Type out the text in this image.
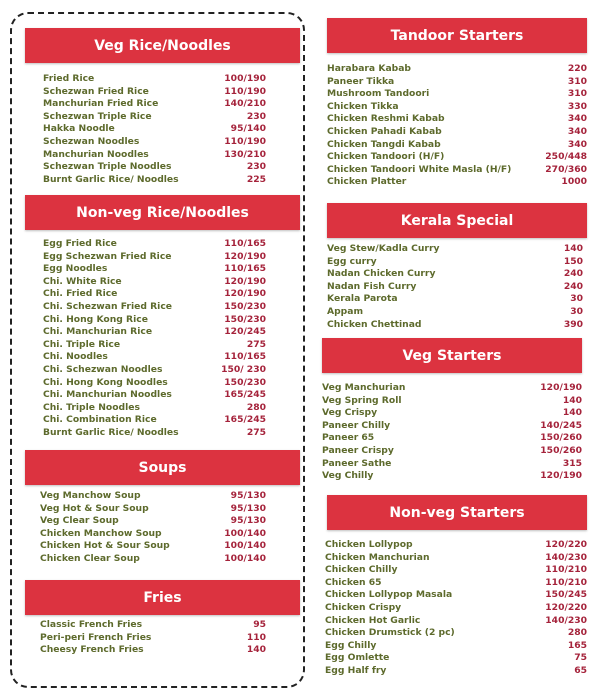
Veg Rice/Noodles
Fried Rice	100/190
Schezwan Fried Rice	110/190
Manchurian Fried Rice	140/210
Schezwan Triple Rice	230
Hakka Noodle	95/140
Schezwan Noodles	110/190
Manchurian Noodles	130/210
Schezwan Triple Noodles	230
Burnt Garlic Rice/ Noodles	225
Non-veg Rice/Noodles
Egg Fried Rice	110/165
Egg Schezwan Fried Rice	120/190
Egg Noodles	110/165
Chi. White Rice	120/190
Chi. Fried Rice	120/190
Chi. Schezwan Fried Rice	150/230
Chi. Hong Kong Rice	150/230
Chi. Manchurian Rice	120/245
Chi. Triple Rice	275
Chi. Noodles	110/165
Chi. Schezwan Noodles	150/ 230
Chi. Hong Kong Noodles	150/230
Chi. Manchurian Noodles	165/245
Chi. Triple Noodles	280
Chi. Combination Rice	165/245
Burnt Garlic Rice/ Noodles	275
Soups
Veg Manchow Soup	95/130
Veg Hot & Sour Soup	95/130
Veg Clear Soup	95/130
Chicken Manchow Soup	100/140
Chicken Hot & Sour Soup	100/140
Chicken Clear Soup	100/140
Fries
Classic French Fries	95
Peri-peri French Fries	110
Cheesy French Fries	140
Tandoor Starters
Harabara Kabab	220
Paneer Tikka	310
Mushroom Tandoori	310
Chicken Tikka	330
Chicken Reshmi Kabab	340
Chicken Pahadi Kabab	340
Chicken Tangdi Kabab	340
Chicken Tandoori (H/F)	250/448
Chicken Tandoori White Masla (H/F)	270/360
Chicken Platter	1000
Kerala Special
Veg Stew/Kadla Curry	140
Egg curry	150
Nadan Chicken Curry	240
Nadan Fish Curry	240
Kerala Parota	30
Appam	30
Chicken Chettinad	390
Veg Starters
Veg Manchurian	120/190
Veg Spring Roll	140
Veg Crispy	140
Paneer Chilly	140/245
Paneer 65	150/260
Paneer Crispy	150/260
Paneer Sathe	315
Veg Chilly	120/190
Non-veg Starters
Chicken Lollypop	120/220
Chicken Manchurian	140/230
Chicken Chilly	110/210
Chicken 65	110/210
Chicken Lollypop Masala	150/245
Chicken Crispy	120/220
Chicken Hot Garlic	140/230
Chicken Drumstick (2 pc)	280
Egg Chilly	165
Egg Omlette	75
Egg Half fry	65
